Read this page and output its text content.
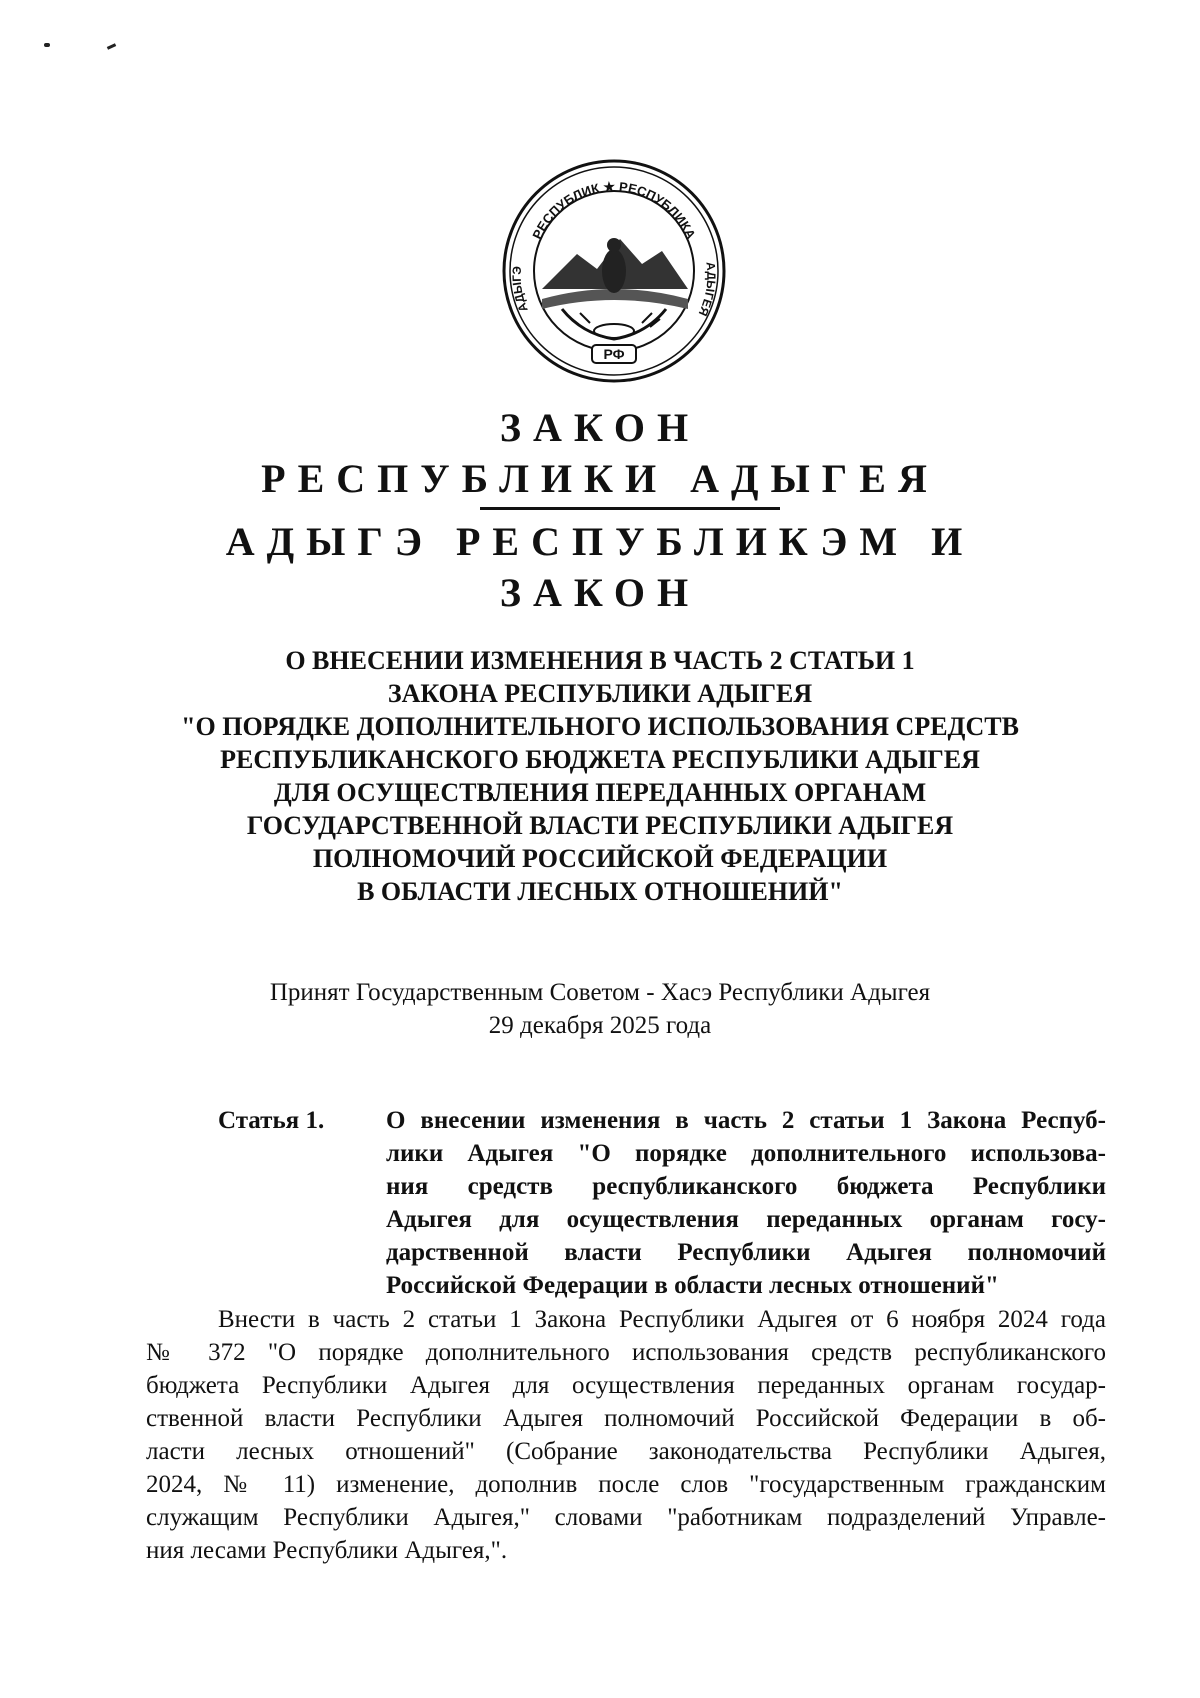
РЕСПУБЛИК ★ РЕСПУБЛИКА
АДЫГЭ	АДЫГЕЯ
РФ
ЗАКОН
РЕСПУБЛИКИ АДЫГЕЯ
АДЫГЭ РЕСПУБЛИКЭМ И
ЗАКОН
О ВНЕСЕНИИ ИЗМЕНЕНИЯ В ЧАСТЬ 2 СТАТЬИ 1
ЗАКОНА РЕСПУБЛИКИ АДЫГЕЯ
"О ПОРЯДКЕ ДОПОЛНИТЕЛЬНОГО ИСПОЛЬЗОВАНИЯ СРЕДСТВ
РЕСПУБЛИКАНСКОГО БЮДЖЕТА РЕСПУБЛИКИ АДЫГЕЯ
ДЛЯ ОСУЩЕСТВЛЕНИЯ ПЕРЕДАННЫХ ОРГАНАМ
ГОСУДАРСТВЕННОЙ ВЛАСТИ РЕСПУБЛИКИ АДЫГЕЯ
ПОЛНОМОЧИЙ РОССИЙСКОЙ ФЕДЕРАЦИИ
В ОБЛАСТИ ЛЕСНЫХ ОТНОШЕНИЙ"
Принят Государственным Советом - Хасэ Республики Адыгея
29 декабря 2025 года
Статья 1. О внесении изменения в часть 2 статьи 1 Закона Респуб-
лики Адыгея "О порядке дополнительного использова-
ния средств республиканского бюджета Республики
Адыгея для осуществления переданных органам госу-
дарственной власти Республики Адыгея полномочий
Российской Федерации в области лесных отношений"
Внести в часть 2 статьи 1 Закона Республики Адыгея от 6 ноября 2024 года
№ 372 "О порядке дополнительного использования средств республиканского
бюджета Республики Адыгея для осуществления переданных органам государ-
ственной власти Республики Адыгея полномочий Российской Федерации в об-
ласти лесных отношений" (Собрание законодательства Республики Адыгея,
2024, № 11) изменение, дополнив после слов "государственным гражданским
служащим Республики Адыгея," словами "работникам подразделений Управле-
ния лесами Республики Адыгея,".
